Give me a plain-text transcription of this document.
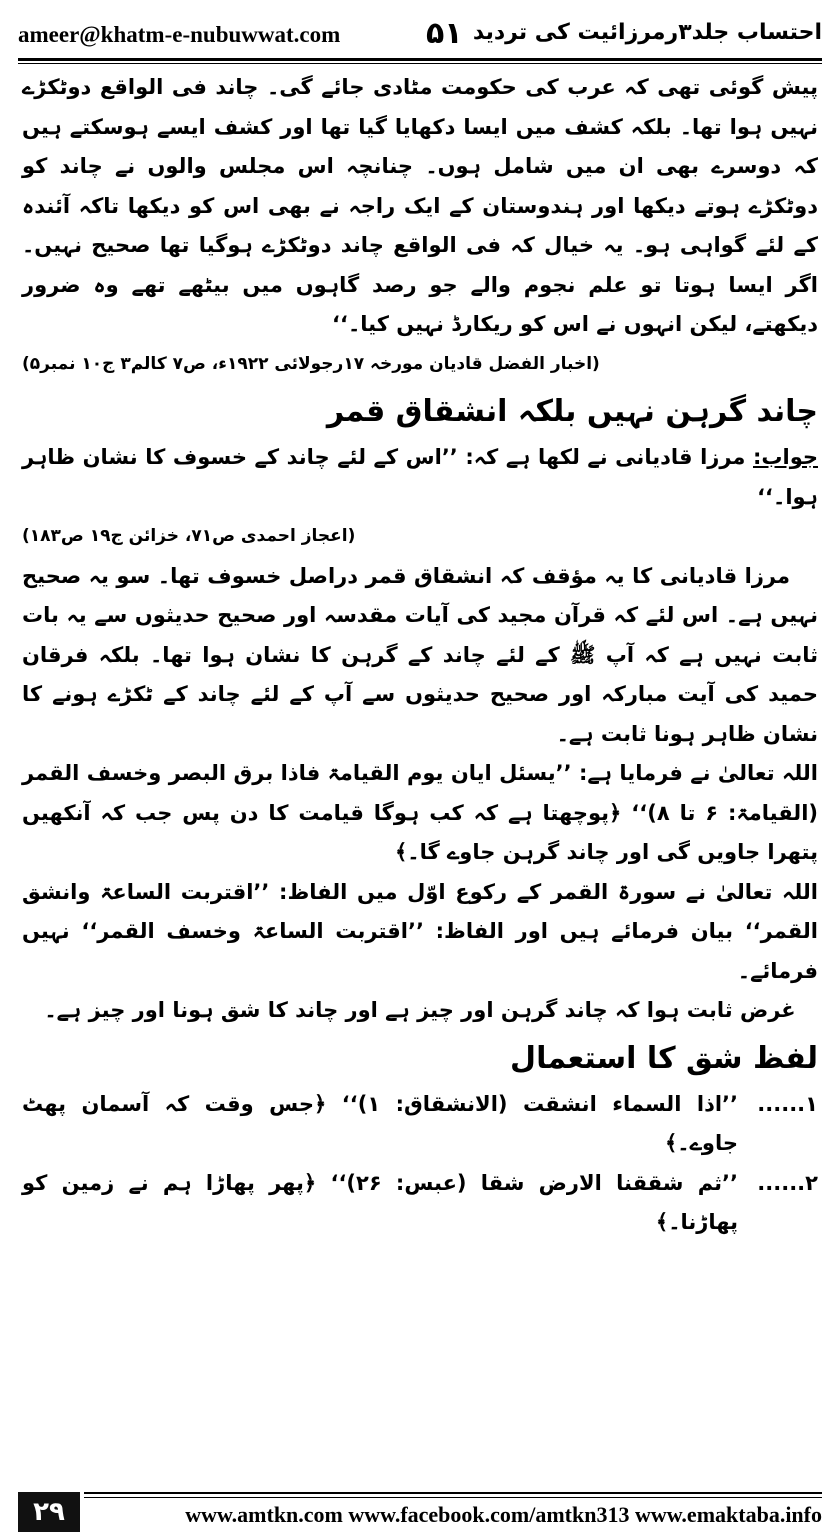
ameer@khatm-e-nubuwwat.com	۵۱ احتساب جلد۳رمرزائیت کی تردید

پیش گوئی تھی کہ عرب کی حکومت مٹادی جائے گی۔ چاند فی الواقع دوٹکڑے نہیں ہوا تھا۔ بلکہ کشف میں ایسا دکھایا گیا تھا اور کشف ایسے ہوسکتے ہیں کہ دوسرے بھی ان میں شامل ہوں۔ چنانچہ اس مجلس والوں نے چاند کو دوٹکڑے ہوتے دیکھا اور ہندوستان کے ایک راجہ نے بھی اس کو دیکھا تاکہ آئندہ کے لئے گواہی ہو۔ یہ خیال کہ فی الواقع چاند دوٹکڑے ہوگیا تھا صحیح نہیں۔ اگر ایسا ہوتا تو علم نجوم والے جو رصد گاہوں میں بیٹھے تھے وہ ضرور دیکھتے، لیکن انہوں نے اس کو ریکارڈ نہیں کیا۔‘‘

(اخبار الفضل قادیان مورخہ ۱۷رجولائی ۱۹۲۲ء، ص۷ کالم۳ ج۱۰ نمبر۵)
چاند گرہن نہیں بلکہ انشقاق قمر

جواب: مرزا قادیانی نے لکھا ہے کہ: ’’اس کے لئے چاند کے خسوف کا نشان ظاہر ہوا۔‘‘

(اعجاز احمدی ص۷۱، خزائن ج۱۹ ص۱۸۳)

مرزا قادیانی کا یہ مؤقف کہ انشقاق قمر دراصل خسوف تھا۔ سو یہ صحیح نہیں ہے۔ اس لئے کہ قرآن مجید کی آیات مقدسہ اور صحیح حدیثوں سے یہ بات ثابت نہیں ہے کہ آپ ﷺ کے لئے چاند کے گرہن کا نشان ہوا تھا۔ بلکہ فرقان حمید کی آیت مبارکہ اور صحیح حدیثوں سے آپ کے لئے چاند کے ٹکڑے ہونے کا نشان ظاہر ہونا ثابت ہے۔

اللہ تعالیٰ نے فرمایا ہے: ’’یسئل ایان یوم القیامۃ فاذا برق البصر وخسف القمر (القیامۃ: ۶ تا ۸)‘‘ ﴿پوچھتا ہے کہ کب ہوگا قیامت کا دن پس جب کہ آنکھیں پتھرا جاویں گی اور چاند گرہن جاوے گا۔﴾

اللہ تعالیٰ نے سورۃ القمر کے رکوع اوّل میں الفاظ: ’’اقتربت الساعۃ وانشق القمر‘‘ بیان فرمائے ہیں اور الفاظ: ’’اقتربت الساعۃ وخسف القمر‘‘ نہیں فرمائے۔

غرض ثابت ہوا کہ چاند گرہن اور چیز ہے اور چاند کا شق ہونا اور چیز ہے۔

لفظ شق کا استعمال
۱......
’’اذا السماء انشقت (الانشقاق: ۱)‘‘ ﴿جس وقت کہ آسمان پھٹ جاوے۔﴾
۲......
’’ثم شققنا الارض شقا (عبس: ۲۶)‘‘ ﴿پھر پھاڑا ہم نے زمین کو پھاڑنا۔﴾
۲۹	www.amtkn.com www.facebook.com/amtkn313 www.emaktaba.info
